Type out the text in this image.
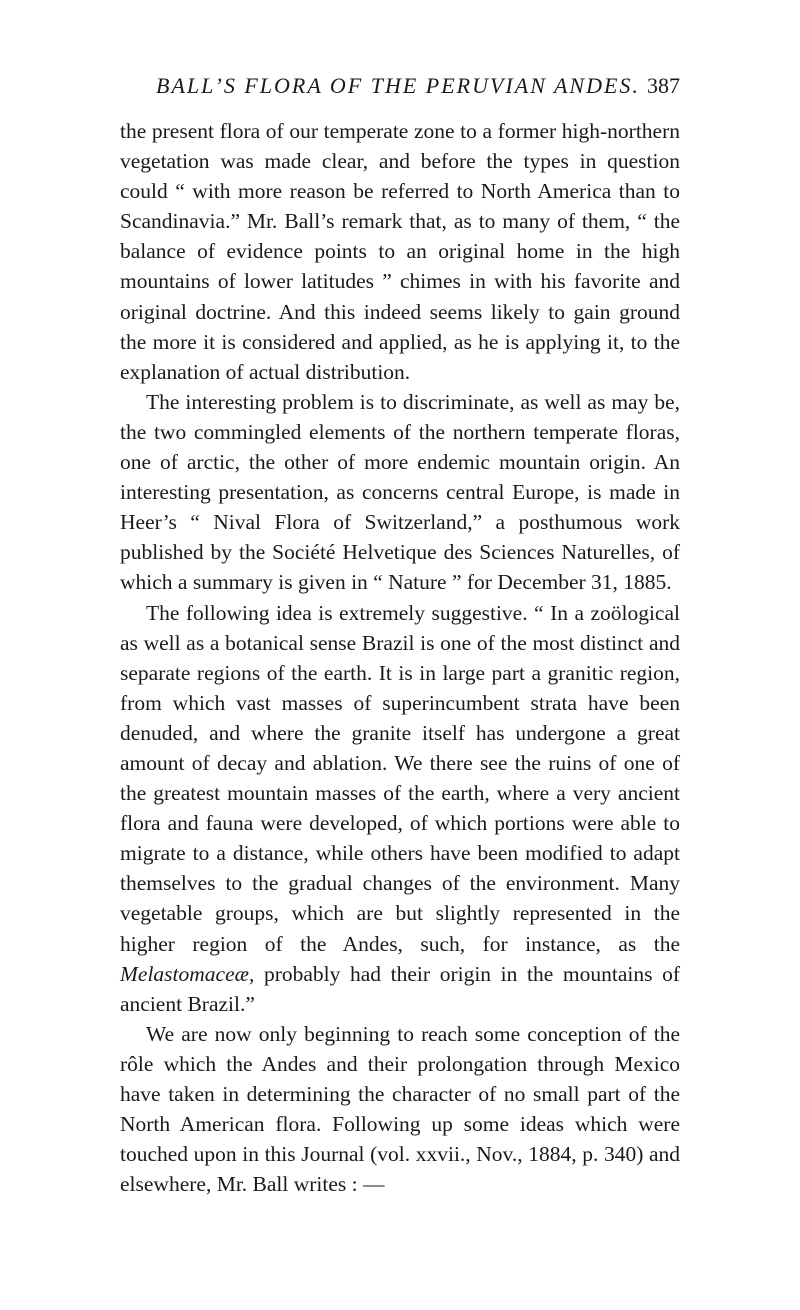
BALL’S FLORA OF THE PERUVIAN ANDES. 387

the present flora of our temperate zone to a former high-northern vegetation was made clear, and before the types in question could “ with more reason be referred to North America than to Scandinavia.” Mr. Ball’s remark that, as to many of them, “ the balance of evidence points to an original home in the high mountains of lower latitudes ” chimes in with his favorite and original doctrine. And this indeed seems likely to gain ground the more it is considered and applied, as he is applying it, to the explanation of actual distribution.

The interesting problem is to discriminate, as well as may be, the two commingled elements of the northern temperate floras, one of arctic, the other of more endemic mountain origin. An interesting presentation, as concerns central Europe, is made in Heer’s “ Nival Flora of Switzerland,” a posthumous work published by the Société Helvetique des Sciences Naturelles, of which a summary is given in “ Nature ” for December 31, 1885.

The following idea is extremely suggestive. “ In a zoölogical as well as a botanical sense Brazil is one of the most distinct and separate regions of the earth. It is in large part a granitic region, from which vast masses of superincumbent strata have been denuded, and where the granite itself has undergone a great amount of decay and ablation. We there see the ruins of one of the greatest mountain masses of the earth, where a very ancient flora and fauna were developed, of which portions were able to migrate to a distance, while others have been modified to adapt themselves to the gradual changes of the environment. Many vegetable groups, which are but slightly represented in the higher region of the Andes, such, for instance, as the Melastomaceæ, probably had their origin in the mountains of ancient Brazil.”

We are now only beginning to reach some conception of the rôle which the Andes and their prolongation through Mexico have taken in determining the character of no small part of the North American flora. Following up some ideas which were touched upon in this Journal (vol. xxvii., Nov., 1884, p. 340) and elsewhere, Mr. Ball writes : —
